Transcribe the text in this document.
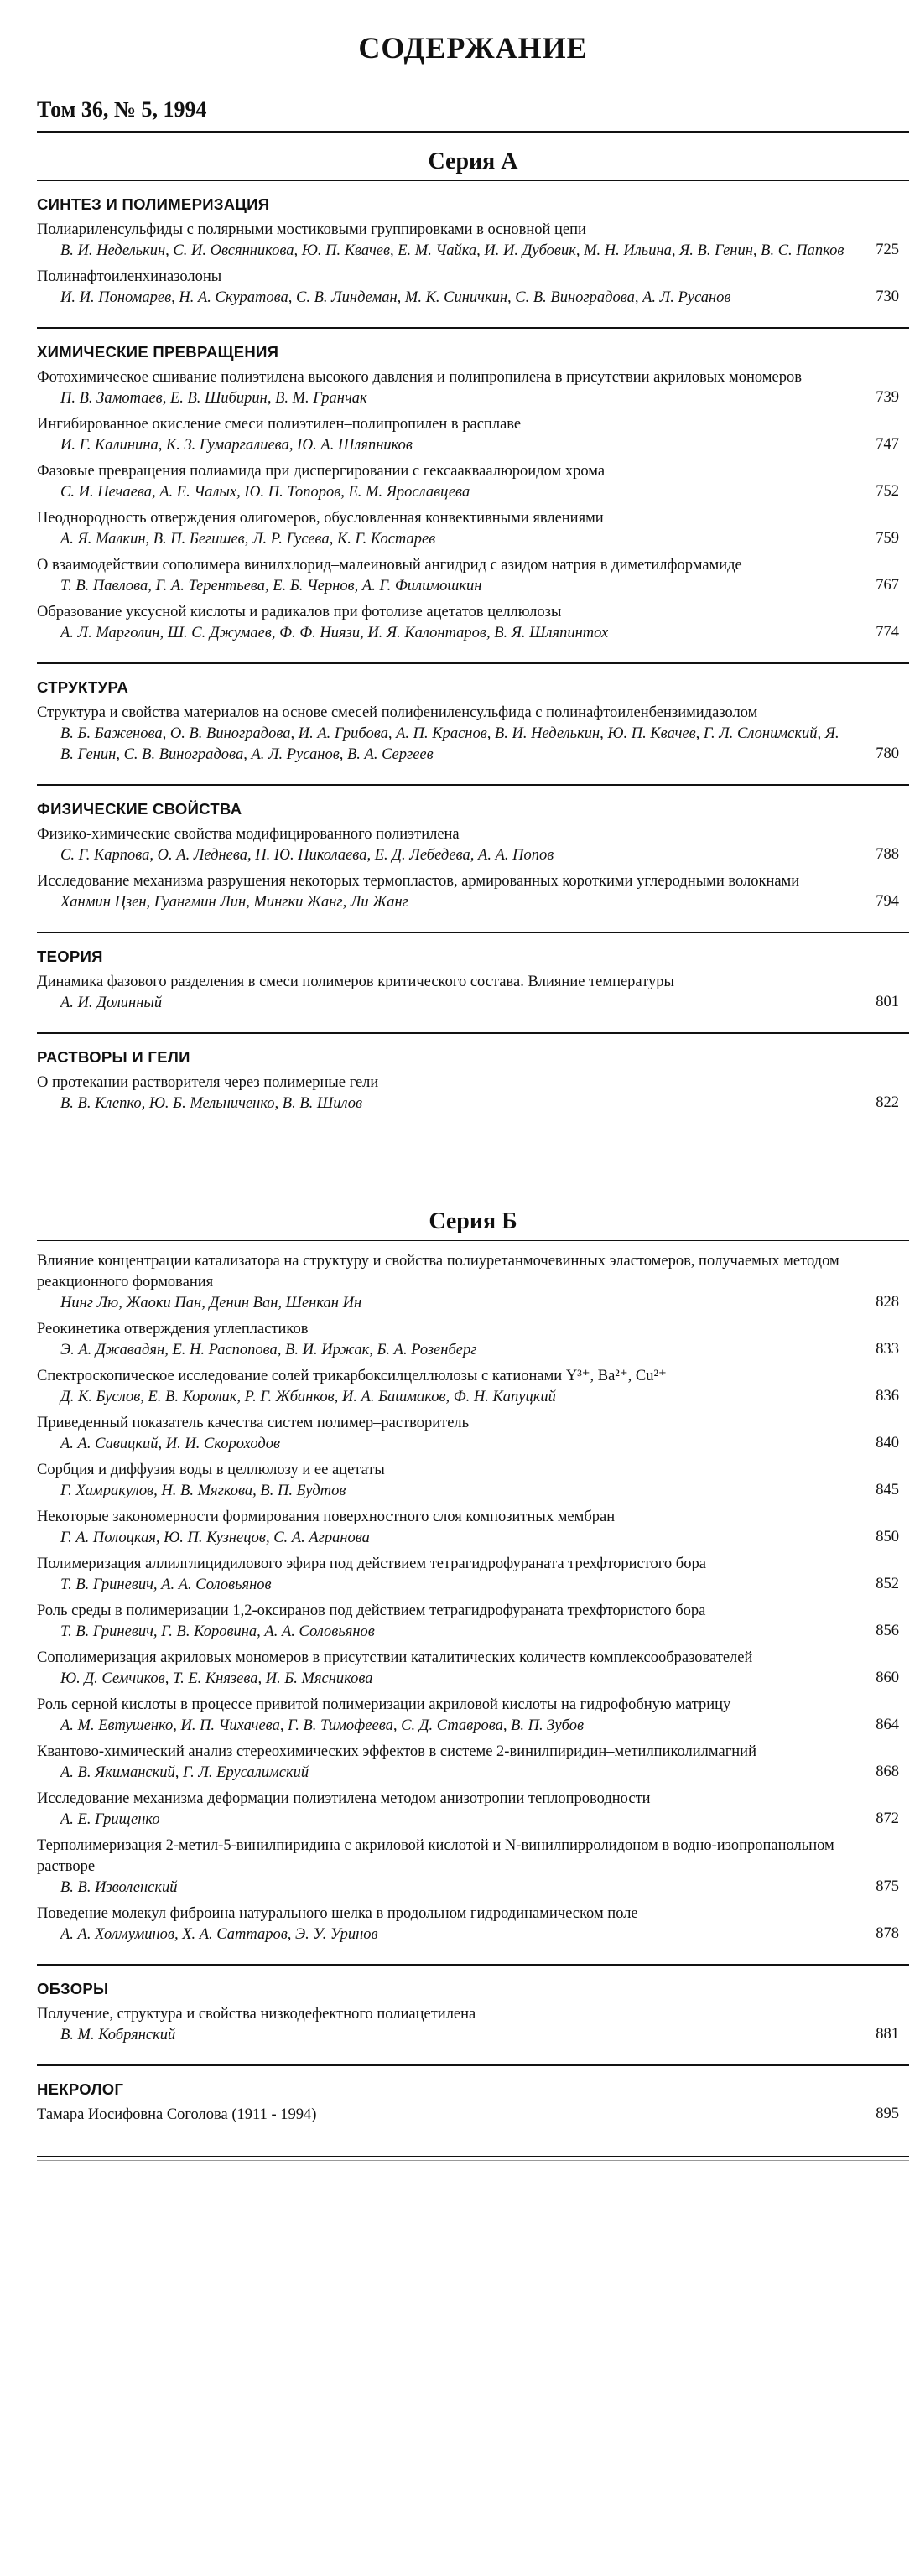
СОДЕРЖАНИЕ
Том 36, № 5, 1994
Серия А
СИНТЕЗ И ПОЛИМЕРИЗАЦИЯ
Полиариленсульфиды с полярными мостиковыми группировками в основной цепи
В. И. Неделькин, С. И. Овсянникова, Ю. П. Квачев, Е. М. Чайка, И. И. Дубовик, М. Н. Ильина, Я. В. Генин, В. С. Папков	725
Полинафтоиленхиназолоны
И. И. Пономарев, Н. А. Скуратова, С. В. Линдеман, М. К. Синичкин, С. В. Виноградова, А. Л. Русанов	730
ХИМИЧЕСКИЕ ПРЕВРАЩЕНИЯ
Фотохимическое сшивание полиэтилена высокого давления и полипропилена в присутствии акриловых мономеров
П. В. Замотаев, Е. В. Шибирин, В. М. Гранчак	739
Ингибированное окисление смеси полиэтилен–полипропилен в расплаве
И. Г. Калинина, К. З. Гумаргалиева, Ю. А. Шляпников	747
Фазовые превращения полиамида при диспергировании с гексаакваалюроидом хрома
С. И. Нечаева, А. Е. Чалых, Ю. П. Топоров, Е. М. Ярославцева	752
Неоднородность отверждения олигомеров, обусловленная конвективными явлениями
А. Я. Малкин, В. П. Бегишев, Л. Р. Гусева, К. Г. Костарев	759
О взаимодействии сополимера винилхлорид–малеиновый ангидрид с азидом натрия в диметилформамиде
Т. В. Павлова, Г. А. Терентьева, Е. Б. Чернов, А. Г. Филимошкин	767
Образование уксусной кислоты и радикалов при фотолизе ацетатов целлюлозы
А. Л. Марголин, Ш. С. Джумаев, Ф. Ф. Ниязи, И. Я. Калонтаров, В. Я. Шляпинтох	774
СТРУКТУРА
Структура и свойства материалов на основе смесей полифениленсульфида с полинафтоиленбензимидазолом
В. Б. Баженова, О. В. Виноградова, И. А. Грибова, А. П. Краснов, В. И. Неделькин, Ю. П. Квачев, Г. Л. Слонимский, Я. В. Генин, С. В. Виноградова, А. Л. Русанов, В. А. Сергеев	780
ФИЗИЧЕСКИЕ СВОЙСТВА
Физико-химические свойства модифицированного полиэтилена
С. Г. Карпова, О. А. Леднева, Н. Ю. Николаева, Е. Д. Лебедева, А. А. Попов	788
Исследование механизма разрушения некоторых термопластов, армированных короткими углеродными волокнами
Ханмин Цзен, Гуангмин Лин, Мингки Жанг, Ли Жанг	794
ТЕОРИЯ
Динамика фазового разделения в смеси полимеров критического состава. Влияние температуры
А. И. Долинный	801
РАСТВОРЫ И ГЕЛИ
О протекании растворителя через полимерные гели
В. В. Клепко, Ю. Б. Мельниченко, В. В. Шилов	822
Серия Б
Влияние концентрации катализатора на структуру и свойства полиуретанмочевинных эластомеров, получаемых методом реакционного формования
Нинг Лю, Жаоки Пан, Денин Ван, Шенкан Ин	828
Реокинетика отверждения углепластиков
Э. А. Джавадян, Е. Н. Распопова, В. И. Иржак, Б. А. Розенберг	833
Спектроскопическое исследование солей трикарбоксилцеллюлозы с катионами Y³⁺, Ba²⁺, Cu²⁺
Д. К. Буслов, Е. В. Королик, Р. Г. Жбанков, И. А. Башмаков, Ф. Н. Капуцкий	836
Приведенный показатель качества систем полимер–растворитель
А. А. Савицкий, И. И. Скороходов	840
Сорбция и диффузия воды в целлюлозу и ее ацетаты
Г. Хамракулов, Н. В. Мягкова, В. П. Будтов	845
Некоторые закономерности формирования поверхностного слоя композитных мембран
Г. А. Полоцкая, Ю. П. Кузнецов, С. А. Агранова	850
Полимеризация аллилглицидилового эфира под действием тетрагидрофураната трехфтористого бора
Т. В. Гриневич, А. А. Соловьянов	852
Роль среды в полимеризации 1,2-оксиранов под действием тетрагидрофураната трехфтористого бора
Т. В. Гриневич, Г. В. Коровина, А. А. Соловьянов	856
Сополимеризация акриловых мономеров в присутствии каталитических количеств комплексообразователей
Ю. Д. Семчиков, Т. Е. Князева, И. Б. Мясникова	860
Роль серной кислоты в процессе привитой полимеризации акриловой кислоты на гидрофобную матрицу
А. М. Евтушенко, И. П. Чихачева, Г. В. Тимофеева, С. Д. Ставрова, В. П. Зубов	864
Квантово-химический анализ стереохимических эффектов в системе 2-винилпиридин–метилпиколилмагний
А. В. Якиманский, Г. Л. Ерусалимский	868
Исследование механизма деформации полиэтилена методом анизотропии теплопроводности
А. Е. Грищенко	872
Терполимеризация 2-метил-5-винилпиридина с акриловой кислотой и N-винилпирролидоном в водно-изопропанольном растворе
В. В. Изволенский	875
Поведение молекул фиброина натурального шелка в продольном гидродинамическом поле
А. А. Холмуминов, Х. А. Саттаров, Э. У. Уринов	878
ОБЗОРЫ
Получение, структура и свойства низкодефектного полиацетилена
В. М. Кобрянский	881
НЕКРОЛОГ
Тамара Иосифовна Соголова (1911 - 1994)	895
